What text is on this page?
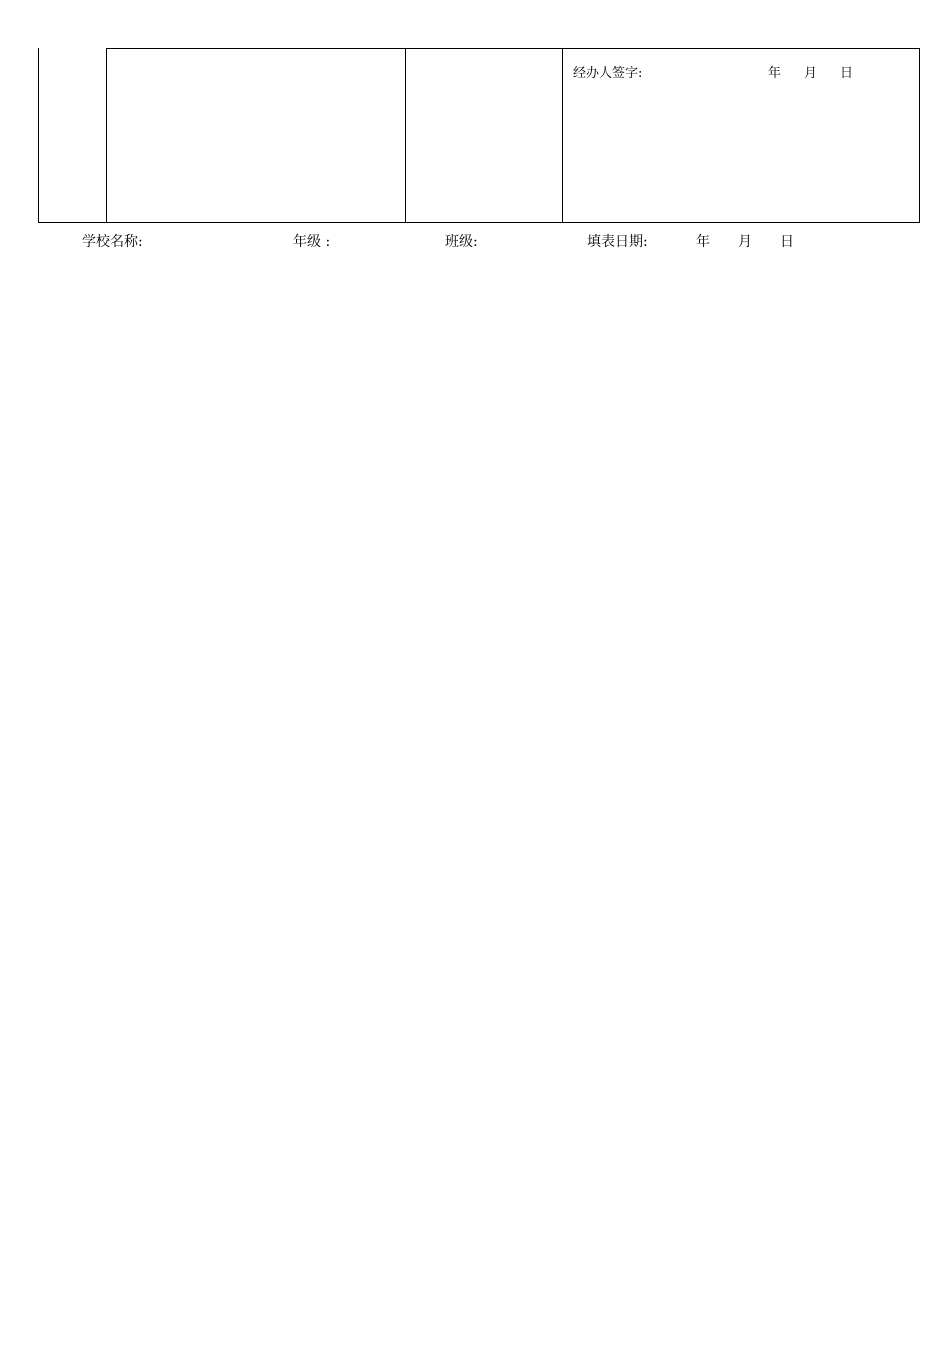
经办人签字:	年 月 日
学校名称:	年级 :	班级:	填表日期:	年 月 日
